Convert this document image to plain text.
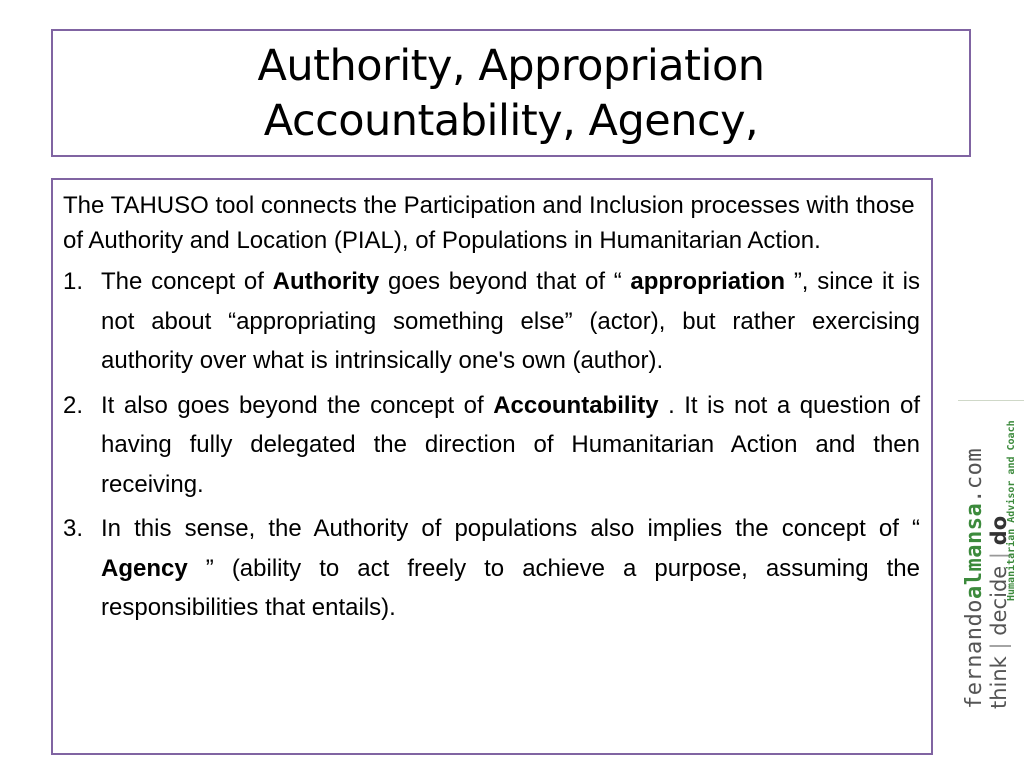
Authority, Appropriation
Accountability, Agency,

The TAHUSO tool connects the Participation and Inclusion processes with those of Authority and Location (PIAL), of Populations in Humanitarian Action.

1. The concept of Authority goes beyond that of “ appropriation ”, since it is not about “appropriating something else” (actor), but rather exercising authority over what is intrinsically one's own (author).
2. It also goes beyond the concept of Accountability . It is not a question of having fully delegated the direction of Humanitarian Action and then receiving.
3. In this sense, the Authority of populations also implies the concept of “ Agency ” (ability to act freely to achieve a purpose, assuming the responsibilities that entails).	fernandoalmansa.com
think | decide | do
Humanitarian Advisor and Coach
